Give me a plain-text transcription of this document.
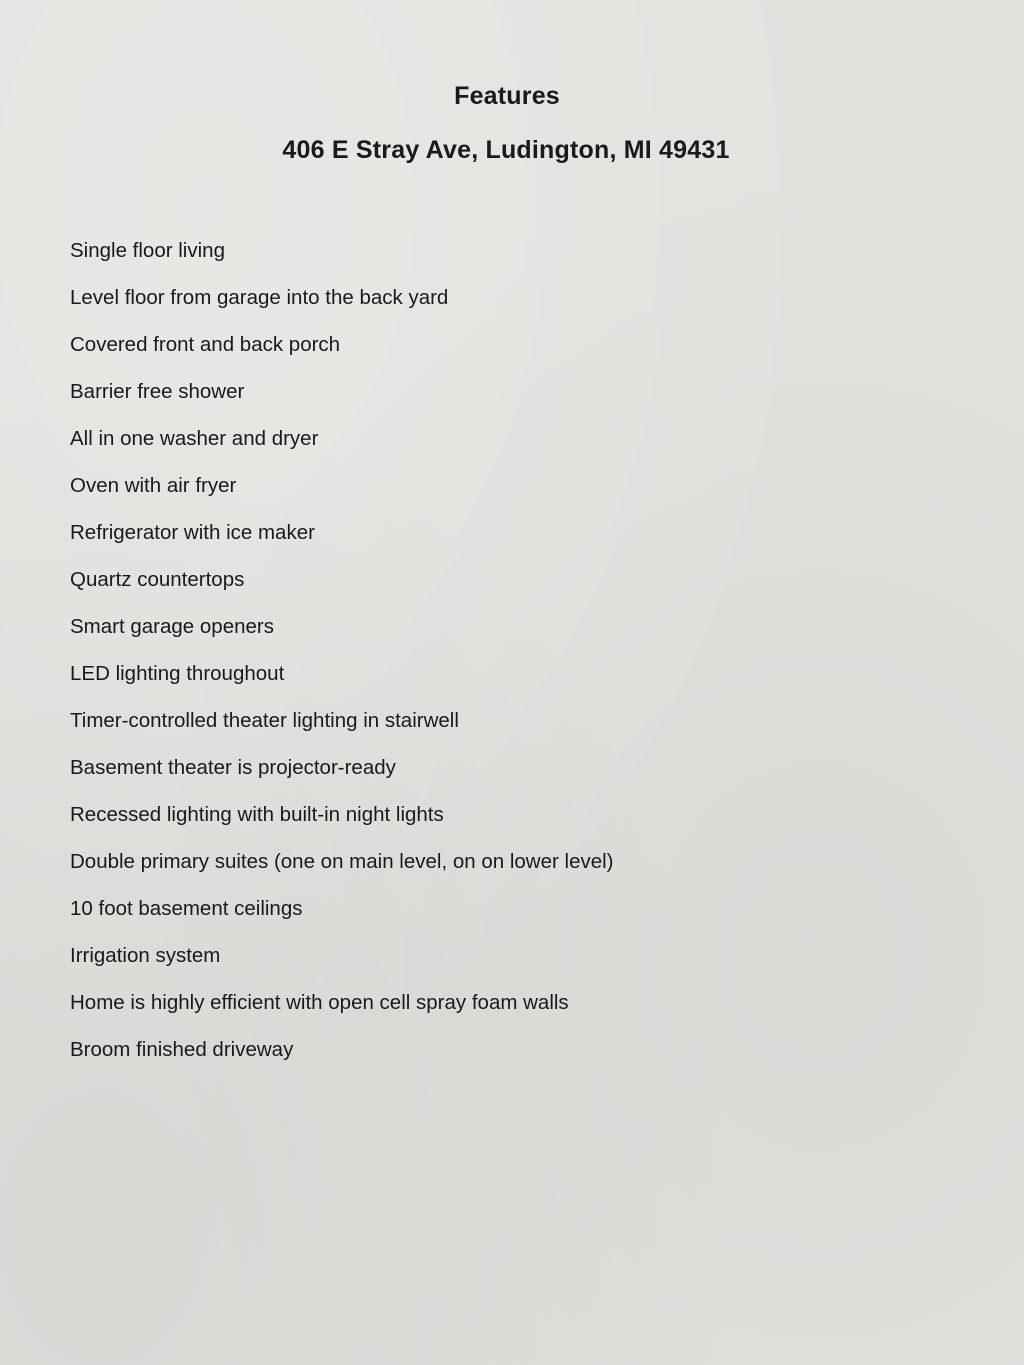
Features
406 E Stray Ave, Ludington, MI 49431
Single floor living
Level floor from garage into the back yard
Covered front and back porch
Barrier free shower
All in one washer and dryer
Oven with air fryer
Refrigerator with ice maker
Quartz countertops
Smart garage openers
LED lighting throughout
Timer-controlled theater lighting in stairwell
Basement theater is projector-ready
Recessed lighting with built-in night lights
Double primary suites (one on main level, on on lower level)
10 foot basement ceilings
Irrigation system
Home is highly efficient with open cell spray foam walls
Broom finished driveway
